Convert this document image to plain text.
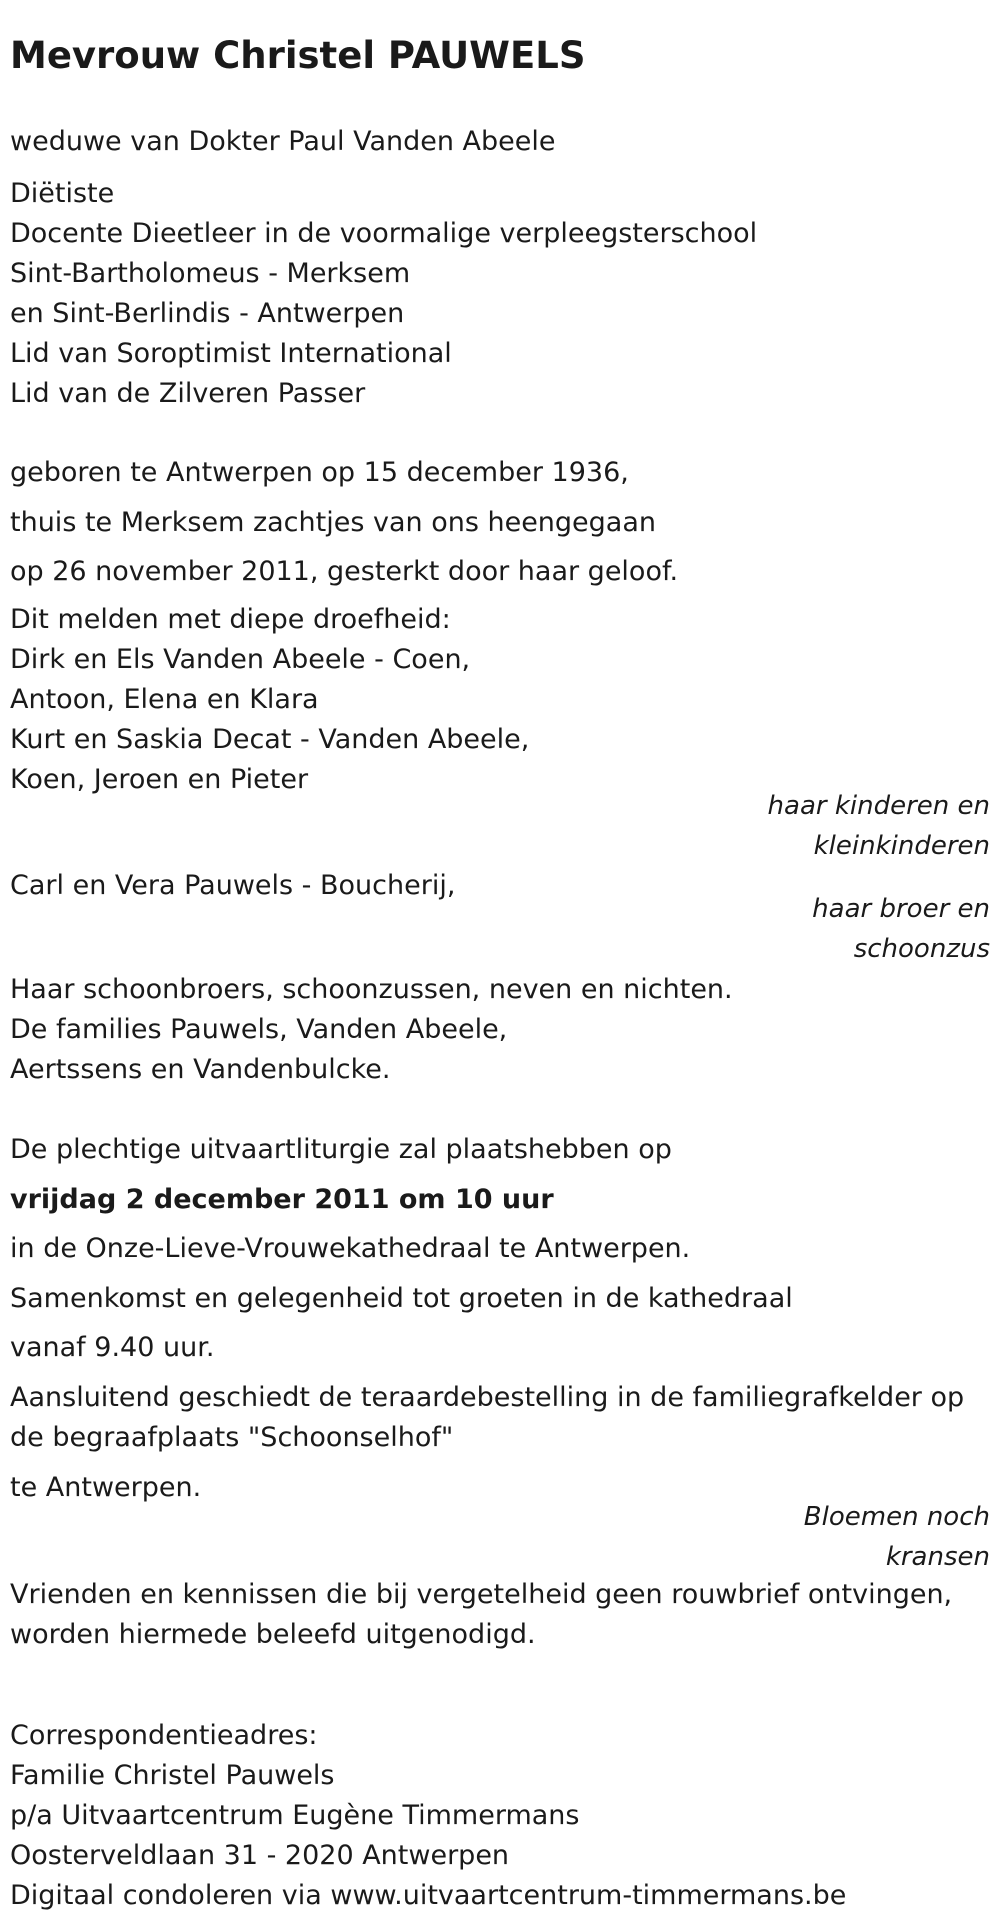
Mevrouw Christel PAUWELS
weduwe van Dokter Paul Vanden Abeele
Diëtiste
Docente Dieetleer in de voormalige verpleegsterschool
Sint-Bartholomeus - Merksem
en Sint-Berlindis - Antwerpen
Lid van Soroptimist International
Lid van de Zilveren Passer
geboren te Antwerpen op 15 december 1936,
thuis te Merksem zachtjes van ons heengegaan
op 26 november 2011, gesterkt door haar geloof.
Dit melden met diepe droefheid:
Dirk en Els Vanden Abeele - Coen,
Antoon, Elena en Klara
Kurt en Saskia Decat - Vanden Abeele,
Koen, Jeroen en Pieter
haar kinderen en
kleinkinderen
Carl en Vera Pauwels - Boucherij,
haar broer en
schoonzus
Haar schoonbroers, schoonzussen, neven en nichten.
De families Pauwels, Vanden Abeele,
Aertssens en Vandenbulcke.
De plechtige uitvaartliturgie zal plaatshebben op
vrijdag 2 december 2011 om 10 uur
in de Onze-Lieve-Vrouwekathedraal te Antwerpen.
Samenkomst en gelegenheid tot groeten in de kathedraal
vanaf 9.40 uur.
Aansluitend geschiedt de teraardebestelling in de familiegrafkelder op
de begraafplaats "Schoonselhof"
te Antwerpen.
Bloemen noch
kransen
Vrienden en kennissen die bij vergetelheid geen rouwbrief ontvingen,
worden hiermede beleefd uitgenodigd.
Correspondentieadres:
Familie Christel Pauwels
p/a Uitvaartcentrum Eugène Timmermans
Oosterveldlaan 31 - 2020 Antwerpen
Digitaal condoleren via www.uitvaartcentrum-timmermans.be
